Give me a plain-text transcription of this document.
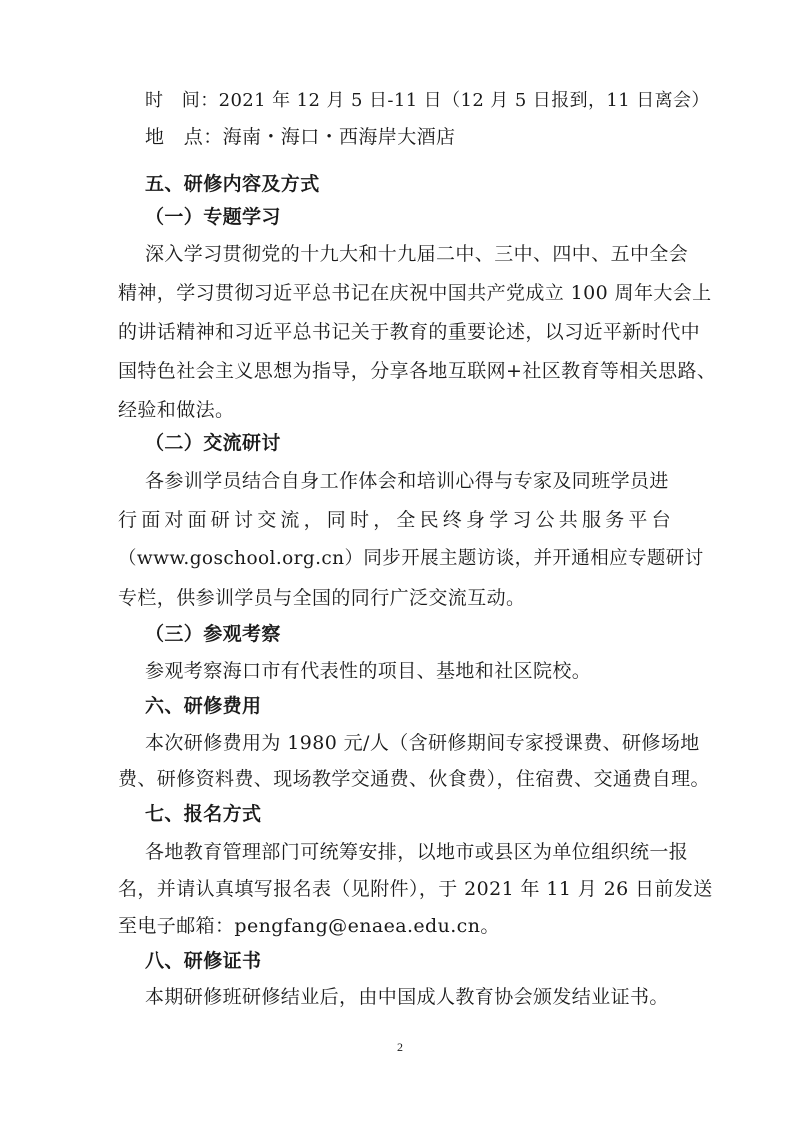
时　间：2021 年 12 月 5 日-11 日（12 月 5 日报到，11 日离会）
地　点：海南・海口・西海岸大酒店
五、研修内容及方式
（一）专题学习
深入学习贯彻党的十九大和十九届二中、三中、四中、五中全会
精神，学习贯彻习近平总书记在庆祝中国共产党成立 100 周年大会上
的讲话精神和习近平总书记关于教育的重要论述，以习近平新时代中
国特色社会主义思想为指导，分享各地互联网+社区教育等相关思路、
经验和做法。
（二）交流研讨
各参训学员结合自身工作体会和培训心得与专家及同班学员进
行面对面研讨交流，同时，全民终身学习公共服务平台
（www.goschool.org.cn）同步开展主题访谈，并开通相应专题研讨
专栏，供参训学员与全国的同行广泛交流互动。
（三）参观考察
参观考察海口市有代表性的项目、基地和社区院校。
六、研修费用
本次研修费用为 1980 元/人（含研修期间专家授课费、研修场地
费、研修资料费、现场教学交通费、伙食费），住宿费、交通费自理。
七、报名方式
各地教育管理部门可统筹安排，以地市或县区为单位组织统一报
名，并请认真填写报名表（见附件），于 2021 年 11 月 26 日前发送
至电子邮箱：pengfang@enaea.edu.cn。
八、研修证书
本期研修班研修结业后，由中国成人教育协会颁发结业证书。
2
